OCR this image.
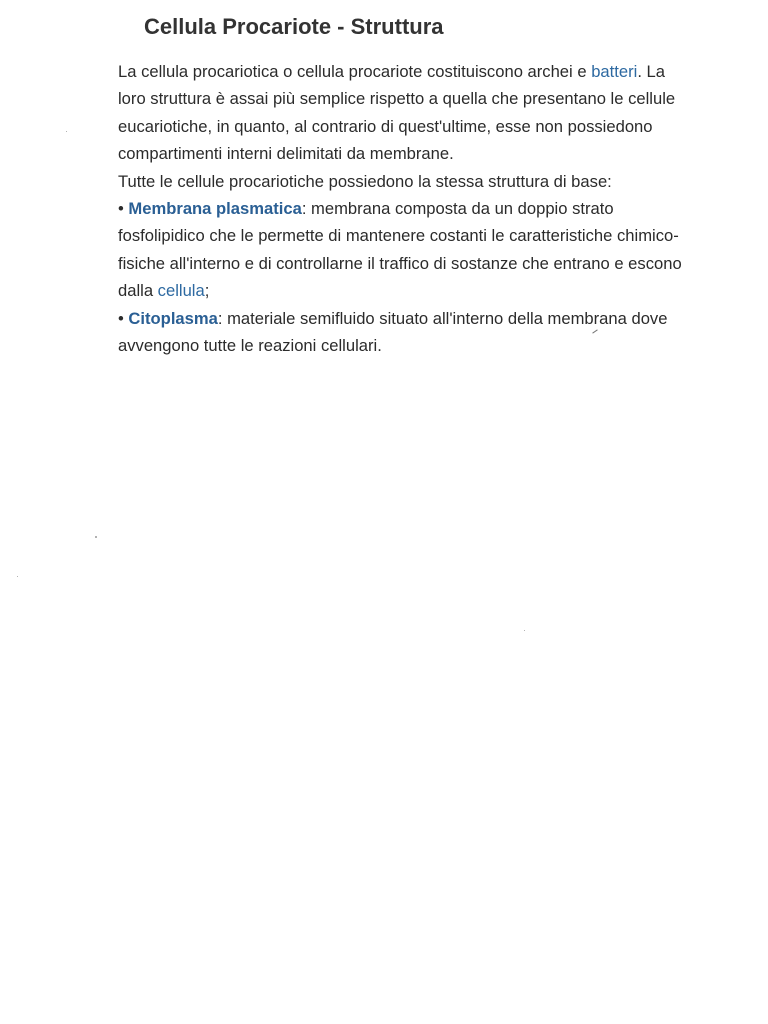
Cellula Procariote - Struttura
La cellula procariotica o cellula procariote costituiscono archei e batteri. La
loro struttura è assai più semplice rispetto a quella che presentano le cellule
eucariotiche, in quanto, al contrario di quest'ultime, esse non possiedono
compartimenti interni delimitati da membrane.
Tutte le cellule procariotiche possiedono la stessa struttura di base:
• Membrana plasmatica: membrana composta da un doppio strato
fosfolipidico che le permette di mantenere costanti le caratteristiche chimico-
fisiche all'interno e di controllarne il traffico di sostanze che entrano e escono
dalla cellula;
• Citoplasma: materiale semifluido situato all'interno della membrana dove
avvengono tutte le reazioni cellulari.
